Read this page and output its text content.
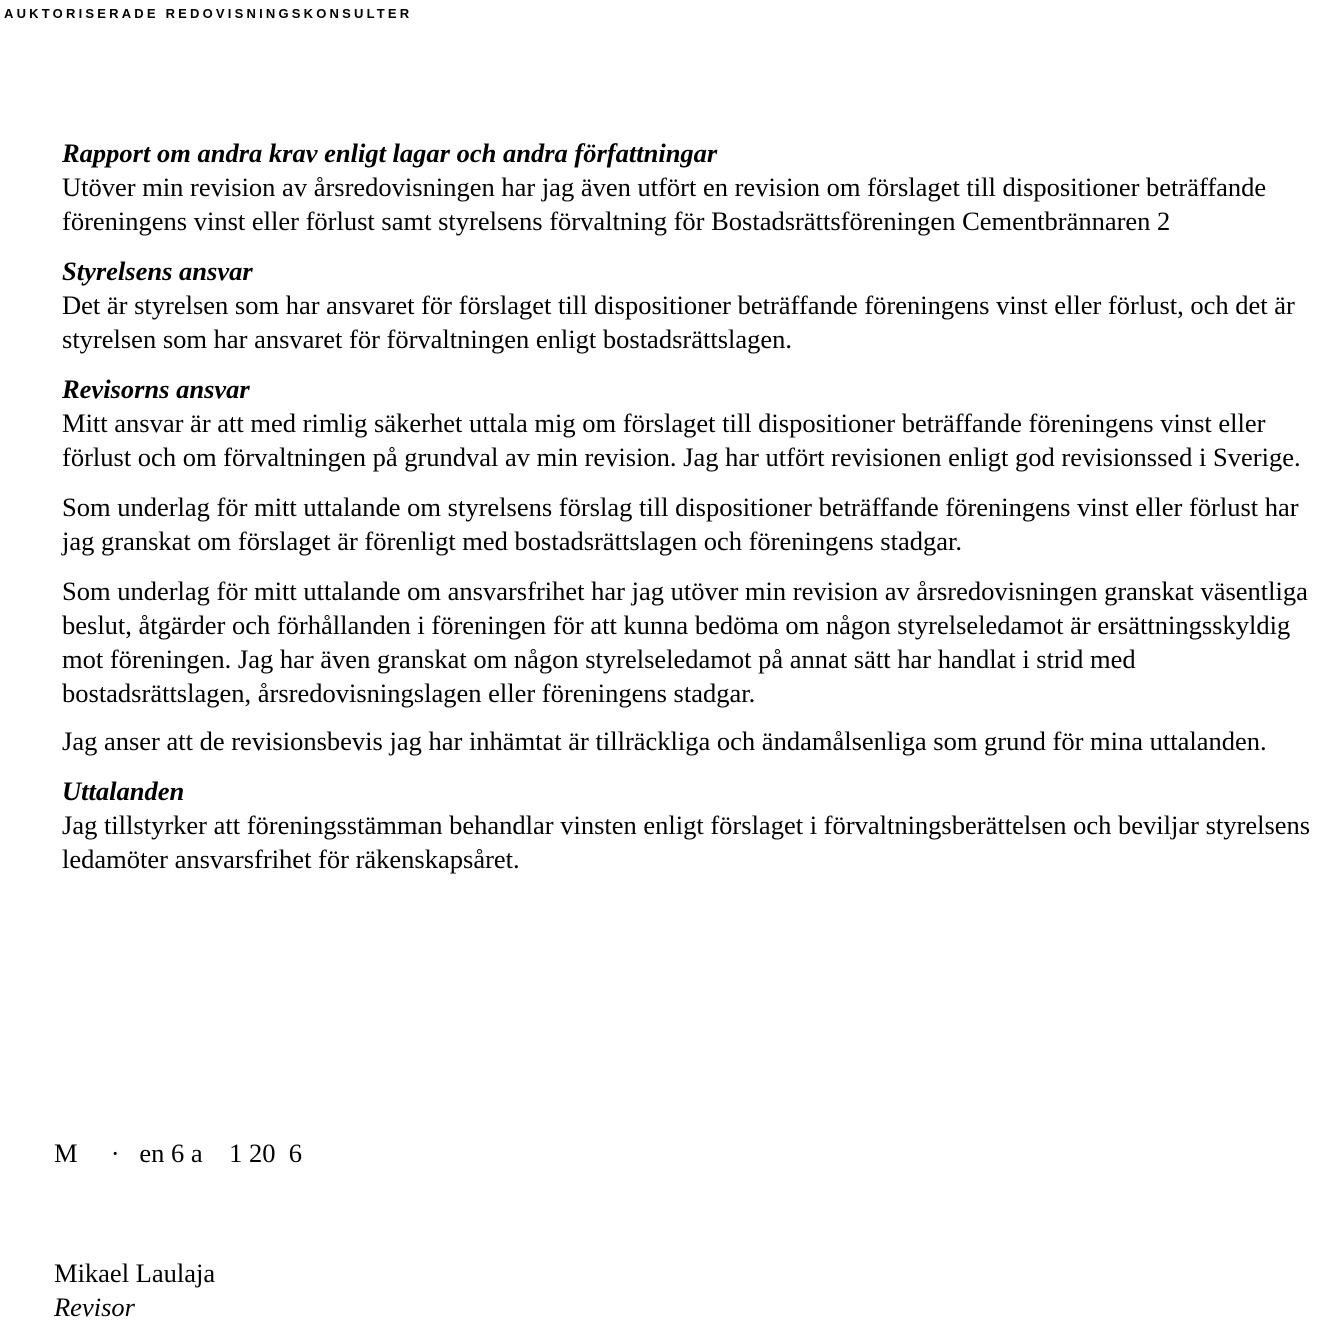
AUKTORISERADE REDOVISNINGSKONSULTER

Rapport om andra krav enligt lagar och andra författningar

Utöver min revision av årsredovisningen har jag även utfört en revision om förslaget till dispositioner beträffande föreningens vinst eller förlust samt styrelsens förvaltning för Bostadsrättsföreningen Cementbrännaren 2

Styrelsens ansvar

Det är styrelsen som har ansvaret för förslaget till dispositioner beträffande föreningens vinst eller förlust, och det är styrelsen som har ansvaret för förvaltningen enligt bostadsrättslagen.

Revisorns ansvar

Mitt ansvar är att med rimlig säkerhet uttala mig om förslaget till dispositioner beträffande föreningens vinst eller förlust och om förvaltningen på grundval av min revision. Jag har utfört revisionen enligt god revisionssed i Sverige.

Som underlag för mitt uttalande om styrelsens förslag till dispositioner beträffande föreningens vinst eller förlust har jag granskat om förslaget är förenligt med bostadsrättslagen och föreningens stadgar.

Som underlag för mitt uttalande om ansvarsfrihet har jag utöver min revision av årsredovisningen granskat väsentliga beslut, åtgärder och förhållanden i föreningen för att kunna bedöma om någon styrelseledamot är ersättningsskyldig mot föreningen. Jag har även granskat om någon styrelseledamot på annat sätt har handlat i strid med bostadsrättslagen, årsredovisningslagen eller föreningens stadgar.

Jag anser att de revisionsbevis jag har inhämtat är tillräckliga och ändamålsenliga som grund för mina uttalanden.

Uttalanden

Jag tillstyrker att föreningsstämman behandlar vinsten enligt förslaget i förvaltningsberättelsen och beviljar styrelsens ledamöter ansvarsfrihet för räkenskapsåret.

M     ·   en 6 a    1 20  6
Mikael Laulaja
Revisor
